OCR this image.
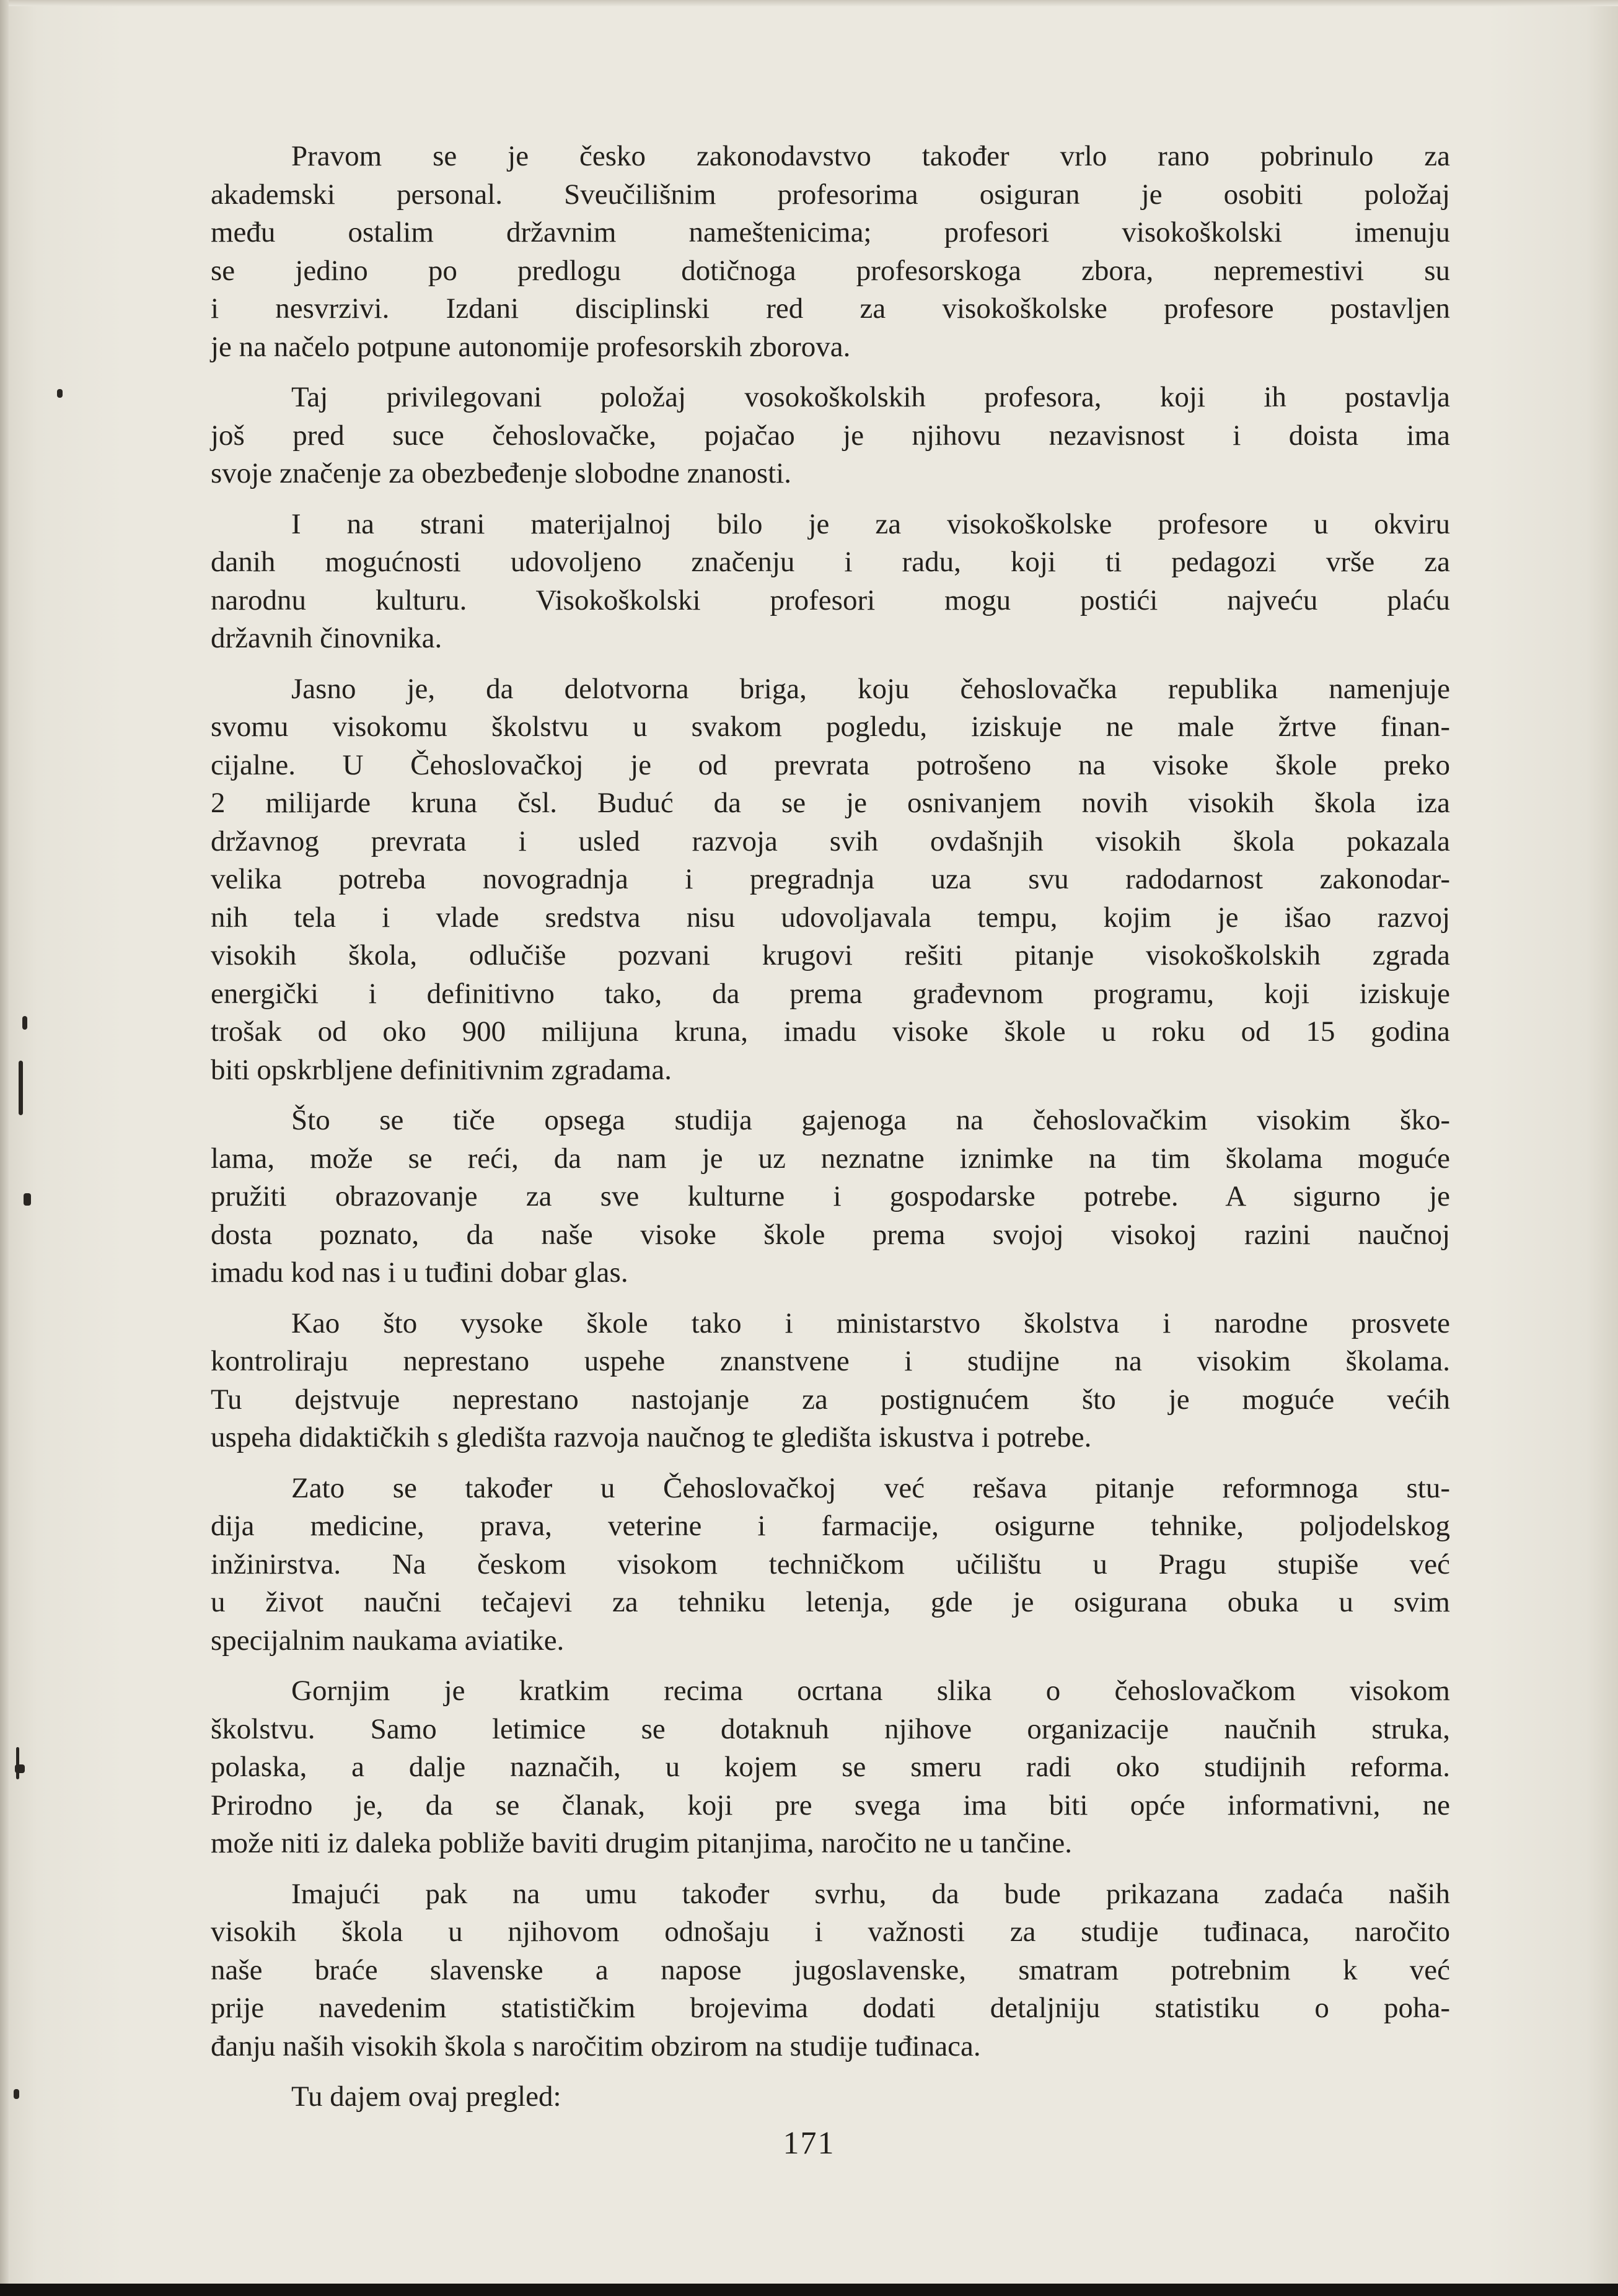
Pravom se je česko zakonodavstvo također vrlo rano pobrinulo za
akademski personal. Sveučilišnim profesorima osiguran je osobiti položaj
među ostalim državnim nameštenicima; profesori visokoškolski imenuju
se jedino po predlogu dotičnoga profesorskoga zbora, nepremestivi su
i nesvrzivi. Izdani disciplinski red za visokoškolske profesore postavljen
je na načelo potpune autonomije profesorskih zborova.

Taj privilegovani položaj vosokoškolskih profesora, koji ih postavlja
još pred suce čehoslovačke, pojačao je njihovu nezavisnost i doista ima
svoje značenje za obezbeđenje slobodne znanosti.

I na strani materijalnoj bilo je za visokoškolske profesore u okviru
danih mogućnosti udovoljeno značenju i radu, koji ti pedagozi vrše za
narodnu kulturu. Visokoškolski profesori mogu postići najveću plaću
državnih činovnika.

Jasno je, da delotvorna briga, koju čehoslovačka republika namenjuje
svomu visokomu školstvu u svakom pogledu, iziskuje ne male žrtve finan-
cijalne. U Čehoslovačkoj je od prevrata potrošeno na visoke škole preko
2 milijarde kruna čsl. Buduć da se je osnivanjem novih visokih škola iza
državnog prevrata i usled razvoja svih ovdašnjih visokih škola pokazala
velika potreba novogradnja i pregradnja uza svu radodarnost zakonodar-
nih tela i vlade sredstva nisu udovoljavala tempu, kojim je išao razvoj
visokih škola, odlučiše pozvani krugovi rešiti pitanje visokoškolskih zgrada
energički i definitivno tako, da prema građevnom programu, koji iziskuje
trošak od oko 900 milijuna kruna, imadu visoke škole u roku od 15 godina
biti opskrbljene definitivnim zgradama.

Što se tiče opsega studija gajenoga na čehoslovačkim visokim ško-
lama, može se reći, da nam je uz neznatne iznimke na tim školama moguće
pružiti obrazovanje za sve kulturne i gospodarske potrebe. A sigurno je
dosta poznato, da naše visoke škole prema svojoj visokoj razini naučnoj
imadu kod nas i u tuđini dobar glas.

Kao što vysoke škole tako i ministarstvo školstva i narodne prosvete
kontroliraju neprestano uspehe znanstvene i studijne na visokim školama.
Tu dejstvuje neprestano nastojanje za postignućem što je moguće većih
uspeha didaktičkih s gledišta razvoja naučnog te gledišta iskustva i potrebe.

Zato se također u Čehoslovačkoj već rešava pitanje reformnoga stu-
dija medicine, prava, veterine i farmacije, osigurne tehnike, poljodelskog
inžinirstva. Na českom visokom techničkom učilištu u Pragu stupiše već
u život naučni tečajevi za tehniku letenja, gde je osigurana obuka u svim
specijalnim naukama aviatike.

Gornjim je kratkim recima ocrtana slika o čehoslovačkom visokom
školstvu. Samo letimice se dotaknuh njihove organizacije naučnih struka,
polaska, a dalje naznačih, u kojem se smeru radi oko studijnih reforma.
Prirodno je, da se članak, koji pre svega ima biti opće informativni, ne
može niti iz daleka pobliže baviti drugim pitanjima, naročito ne u tančine.

Imajući pak na umu također svrhu, da bude prikazana zadaća naših
visokih škola u njihovom odnošaju i važnosti za studije tuđinaca, naročito
naše braće slavenske a napose jugoslavenske, smatram potrebnim k već
prije navedenim statističkim brojevima dodati detaljniju statistiku o poha-
đanju naših visokih škola s naročitim obzirom na studije tuđinaca.

Tu dajem ovaj pregled:

171
